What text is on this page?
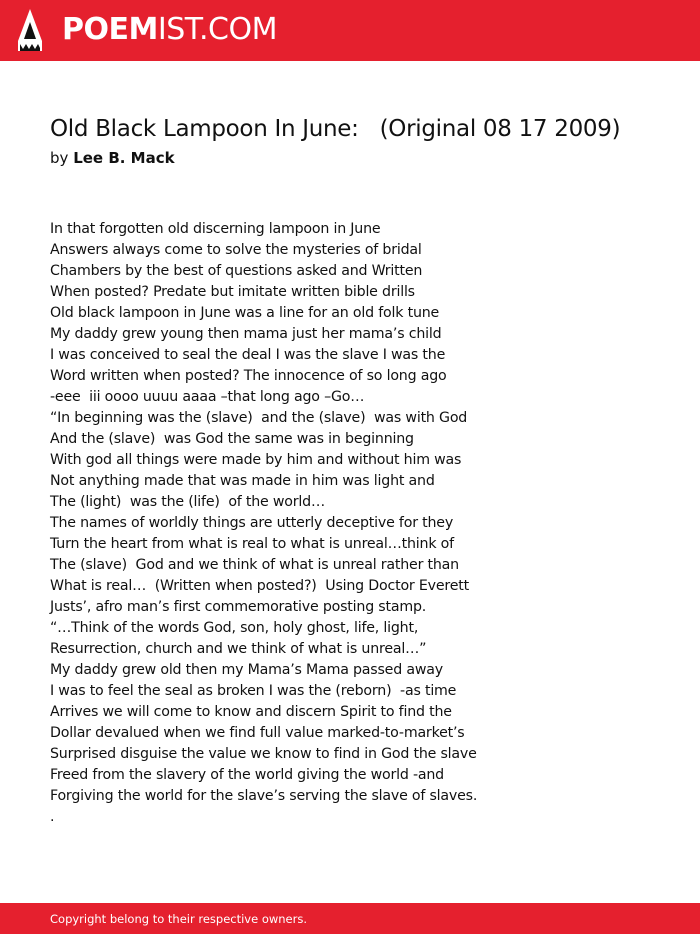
POEMIST.COM
Old Black Lampoon In June:   (Original 08 17 2009)
by Lee B. Mack
In that forgotten old discerning lampoon in June
Answers always come to solve the mysteries of bridal
Chambers by the best of questions asked and Written
When posted? Predate but imitate written bible drills
Old black lampoon in June was a line for an old folk tune
My daddy grew young then mama just her mama’s child
I was conceived to seal the deal I was the slave I was the
Word written when posted? The innocence of so long ago
-eee  iii oooo uuuu aaaa –that long ago –Go…
“In beginning was the (slave)  and the (slave)  was with God
And the (slave)  was God the same was in beginning
With god all things were made by him and without him was
Not anything made that was made in him was light and
The (light)  was the (life)  of the world…
The names of worldly things are utterly deceptive for they
Turn the heart from what is real to what is unreal…think of
The (slave)  God and we think of what is unreal rather than
What is real…  (Written when posted?)  Using Doctor Everett
Justs’, afro man’s first commemorative posting stamp.
“…Think of the words God, son, holy ghost, life, light,
Resurrection, church and we think of what is unreal…”
My daddy grew old then my Mama’s Mama passed away
I was to feel the seal as broken I was the (reborn)  -as time
Arrives we will come to know and discern Spirit to find the
Dollar devalued when we find full value marked-to-market’s
Surprised disguise the value we know to find in God the slave
Freed from the slavery of the world giving the world -and
Forgiving the world for the slave’s serving the slave of slaves.
.
Copyright belong to their respective owners.
